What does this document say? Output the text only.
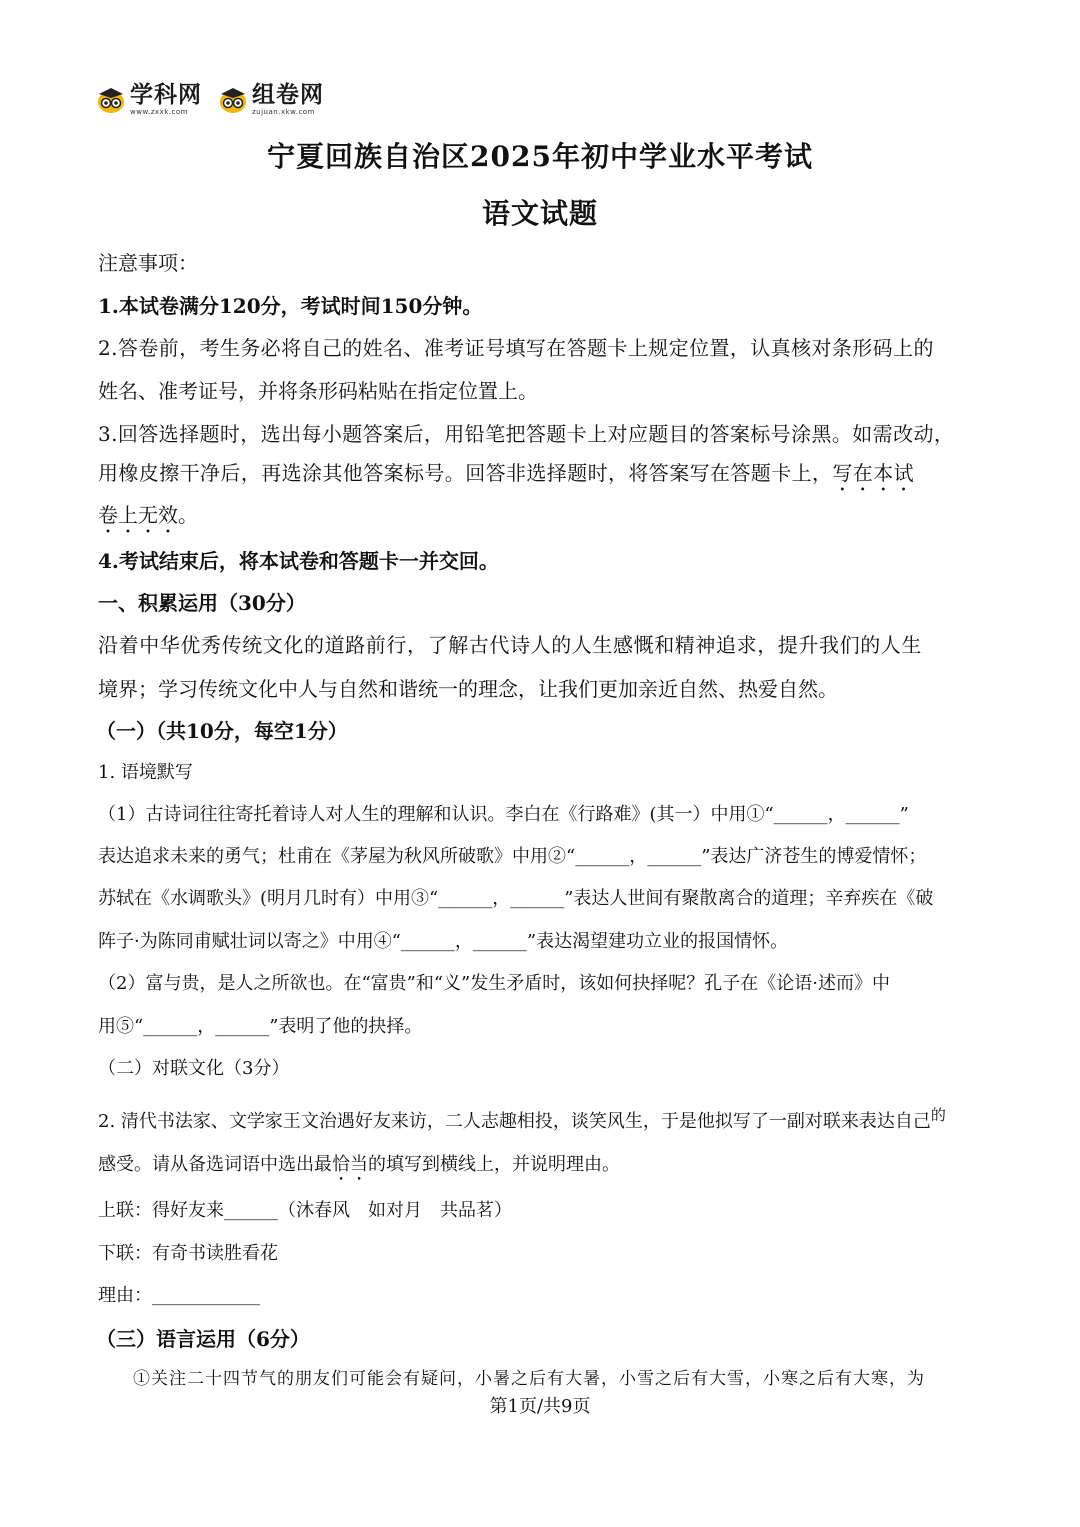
学科网
www.zxxk.com
组卷网
zujuan.xkw.com
宁夏回族自治区2025年初中学业水平考试
语文试题
注意事项：
1.本试卷满分120分，考试时间150分钟。
2.答卷前，考生务必将自己的姓名、准考证号填写在答题卡上规定位置，认真核对条形码上的
姓名、准考证号，并将条形码粘贴在指定位置上。
3.回答选择题时，选出每小题答案后，用铅笔把答题卡上对应题目的答案标号涂黑。如需改动，
用橡皮擦干净后，再选涂其他答案标号。回答非选择题时，将答案写在答题卡上，写在本试
卷上无效。
4.考试结束后，将本试卷和答题卡一并交回。
一、积累运用（30分）
沿着中华优秀传统文化的道路前行，了解古代诗人的人生感慨和精神追求，提升我们的人生
境界；学习传统文化中人与自然和谐统一的理念，让我们更加亲近自然、热爱自然。
（一）（共10分，每空1分）
1. 语境默写
（1）古诗词往往寄托着诗人对人生的理解和认识。李白在《行路难》(其一）中用①“______，______”
表达追求未来的勇气；杜甫在《茅屋为秋风所破歌》中用②“______，______”表达广济苍生的博爱情怀；
苏轼在《水调歌头》(明月几时有）中用③“______，______”表达人世间有聚散离合的道理；辛弃疾在《破
阵子·为陈同甫赋壮词以寄之》中用④“______，______”表达渴望建功立业的报国情怀。
（2）富与贵，是人之所欲也。在“富贵”和“义”发生矛盾时，该如何抉择呢？孔子在《论语·述而》中
用⑤“______，______”表明了他的抉择。
（二）对联文化（3分）
2. 清代书法家、文学家王文治遇好友来访，二人志趣相投，谈笑风生，于是他拟写了一副对联来表达自己$^的$
感受。请从备选词语中选出最恰当的填写到横线上，并说明理由。
上联：得好友来______（沐春风　如对月　共品茗）
下联：有奇书读胜看花
理由：____________
（三）语言运用（6分）
①关注二十四节气的朋友们可能会有疑问，小暑之后有大暑，小雪之后有大雪，小寒之后有大寒，为
第1页/共9页
